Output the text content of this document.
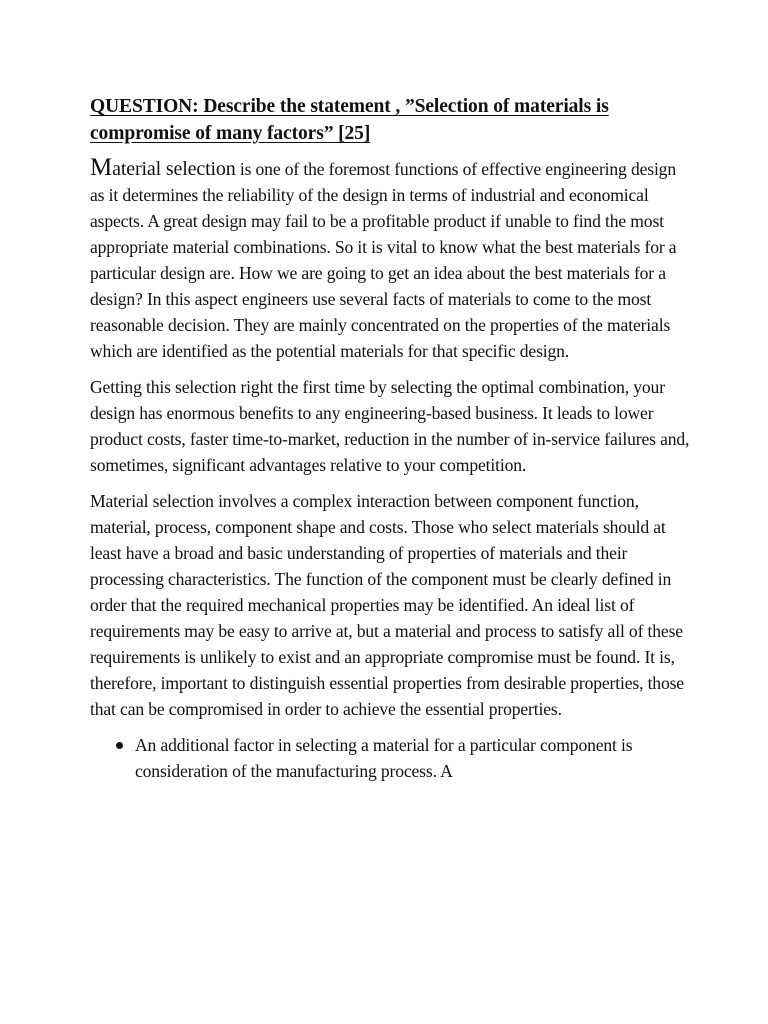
QUESTION: Describe the statement , ”Selection of materials is compromise of many factors” [25]

Material selection is one of the foremost functions of effective engineering design as it determines the reliability of the design in terms of industrial and economical aspects. A great design may fail to be a profitable product if unable to find the most appropriate material combinations. So it is vital to know what the best materials for a particular design are. How we are going to get an idea about the best materials for a design? In this aspect engineers use several facts of materials to come to the most reasonable decision. They are mainly concentrated on the properties of the materials which are identified as the potential materials for that specific design.

Getting this selection right the first time by selecting the optimal combination, your design has enormous benefits to any engineering-based business. It leads to lower product costs, faster time-to-market, reduction in the number of in-service failures and, sometimes, significant advantages relative to your competition.

Material selection involves a complex interaction between component function, material, process, component shape and costs. Those who select materials should at least have a broad and basic understanding of properties of materials and their processing characteristics. The function of the component must be clearly defined in order that the required mechanical properties may be identified. An ideal list of requirements may be easy to arrive at, but a material and process to satisfy all of these requirements is unlikely to exist and an appropriate compromise must be found. It is, therefore, important to distinguish essential properties from desirable properties, those that can be compromised in order to achieve the essential properties.

An additional factor in selecting a material for a particular component is consideration of the manufacturing process. A
